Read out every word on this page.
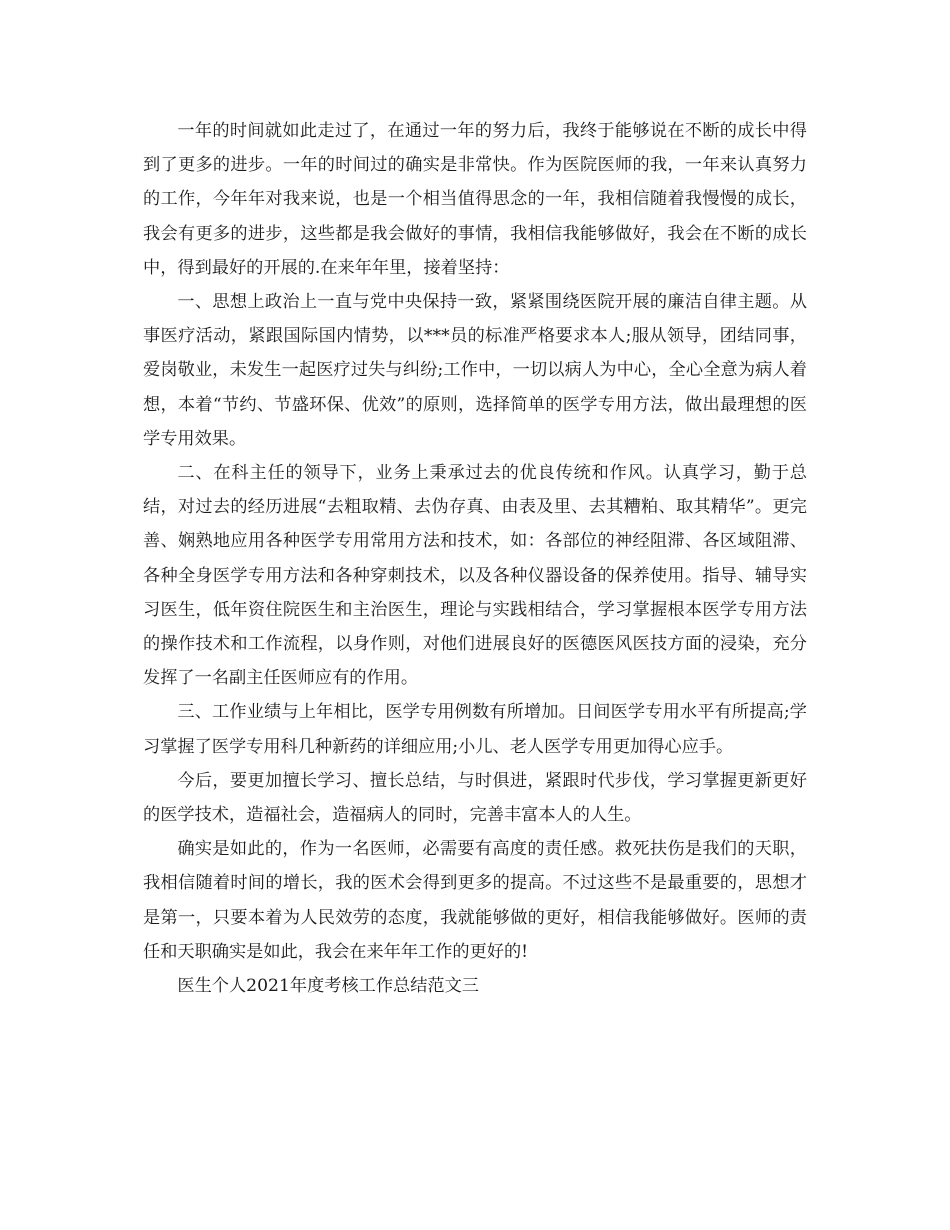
一年的时间就如此走过了，在通过一年的努力后，我终于能够说在不断的成长中得到了更多的进步。一年的时间过的确实是非常快。作为医院医师的我，一年来认真努力的工作，今年年对我来说，也是一个相当值得思念的一年，我相信随着我慢慢的成长，我会有更多的进步，这些都是我会做好的事情，我相信我能够做好，我会在不断的成长中，得到最好的开展的.在来年年里，接着坚持：

一、思想上政治上一直与党中央保持一致，紧紧围绕医院开展的廉洁自律主题。从事医疗活动，紧跟国际国内情势，以***员的标准严格要求本人;服从领导，团结同事，爱岗敬业，未发生一起医疗过失与纠纷;工作中，一切以病人为中心，全心全意为病人着想，本着“节约、节盛环保、优效”的原则，选择简单的医学专用方法，做出最理想的医学专用效果。

二、在科主任的领导下，业务上秉承过去的优良传统和作风。认真学习，勤于总结，对过去的经历进展“去粗取精、去伪存真、由表及里、去其糟粕、取其精华”。更完善、娴熟地应用各种医学专用常用方法和技术，如：各部位的神经阻滞、各区域阻滞、各种全身医学专用方法和各种穿刺技术，以及各种仪器设备的保养使用。指导、辅导实习医生，低年资住院医生和主治医生，理论与实践相结合，学习掌握根本医学专用方法的操作技术和工作流程，以身作则，对他们进展良好的医德医风医技方面的浸染，充分发挥了一名副主任医师应有的作用。

三、工作业绩与上年相比，医学专用例数有所增加。日间医学专用水平有所提高;学习掌握了医学专用科几种新药的详细应用;小儿、老人医学专用更加得心应手。

今后，要更加擅长学习、擅长总结，与时俱进，紧跟时代步伐，学习掌握更新更好的医学技术，造福社会，造福病人的同时，完善丰富本人的人生。

确实是如此的，作为一名医师，必需要有高度的责任感。救死扶伤是我们的天职，我相信随着时间的增长，我的医术会得到更多的提高。不过这些不是最重要的，思想才是第一，只要本着为人民效劳的态度，我就能够做的更好，相信我能够做好。医师的责任和天职确实是如此，我会在来年年工作的更好的!

医生个人2021年度考核工作总结范文三
